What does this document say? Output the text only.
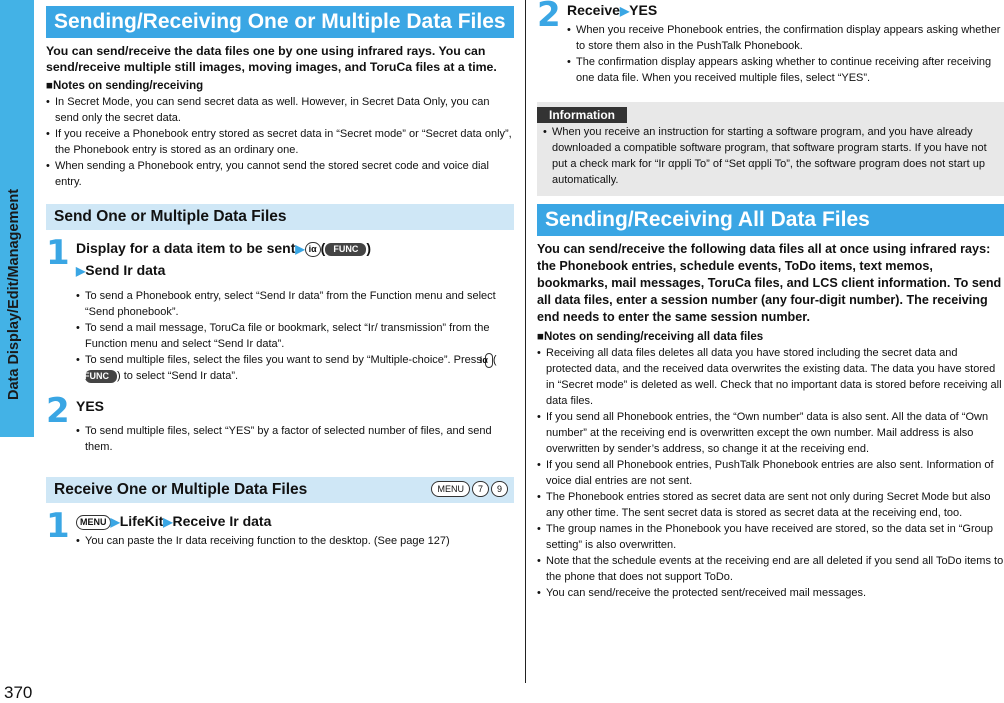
Data Display/Edit/Management
370
Sending/Receiving One or Multiple Data Files
You can send/receive the data files one by one using infrared rays. You can send/receive multiple still images, moving images, and ToruCa files at a time.
■Notes on sending/receiving
• In Secret Mode, you can send secret data as well. However, in Secret Data Only, you can send only the secret data.
• If you receive a Phonebook entry stored as secret data in “Secret mode” or “Secret data only”, the Phonebook entry is stored as an ordinary one.
• When sending a Phonebook entry, you cannot send the stored secret code and voice dial entry.
Send One or Multiple Data Files
1 Display for a data item to be sent▶ iα ( FUNC )
▶Send Ir data
• To send a Phonebook entry, select “Send Ir data” from the Function menu and select “Send phonebook”.
• To send a mail message, ToruCa file or bookmark, select “Ir/ transmission” from the Function menu and select “Send Ir data”.
• To send multiple files, select the files you want to send by “Multiple-choice”. Press iα (FUNC ) to select “Send Ir data”.
2 YES
• To send multiple files, select “YES” by a factor of selected number of files, and send them.
Receive One or Multiple Data Files	MENU	7	9
1	MENU ▶LifeKit▶Receive Ir data
• You can paste the Ir data receiving function to the desktop. (See page 127)
2 Receive▶YES
• When you receive Phonebook entries, the confirmation display appears asking whether to store them also in the PushTalk Phonebook.
• The confirmation display appears asking whether to continue receiving after receiving one data file. When you received multiple files, select “YES”.
Information
• When you receive an instruction for starting a software program, and you have already downloaded a compatible software program, that software program starts. If you have not put a check mark for “Ir αppli To” of “Set αppli To”, the software program does not start up automatically.
Sending/Receiving All Data Files
You can send/receive the following data files all at once using infrared rays: the Phonebook entries, schedule events, ToDo items, text memos, bookmarks, mail messages, ToruCa files, and LCS client information. To send all data files, enter a session number (any four-digit number). The receiving end needs to enter the same session number.
■Notes on sending/receiving all data files
• Receiving all data files deletes all data you have stored including the secret data and protected data, and the received data overwrites the existing data. The data you have stored in “Secret mode” is deleted as well. Check that no important data is stored before receiving all data files.
• If you send all Phonebook entries, the “Own number” data is also sent. All the data of “Own number” at the receiving end is overwritten except the own number. Mail address is also overwritten by sender’s address, so change it at the receiving end.
• If you send all Phonebook entries, PushTalk Phonebook entries are also sent. Information of voice dial entries are not sent.
• The Phonebook entries stored as secret data are sent not only during Secret Mode but also any other time. The sent secret data is stored as secret data at the receiving end, too.
• The group names in the Phonebook you have received are stored, so the data set in “Group setting” is also overwritten.
• Note that the schedule events at the receiving end are all deleted if you send all ToDo items to the phone that does not support ToDo.
• You can send/receive the protected sent/received mail messages.
